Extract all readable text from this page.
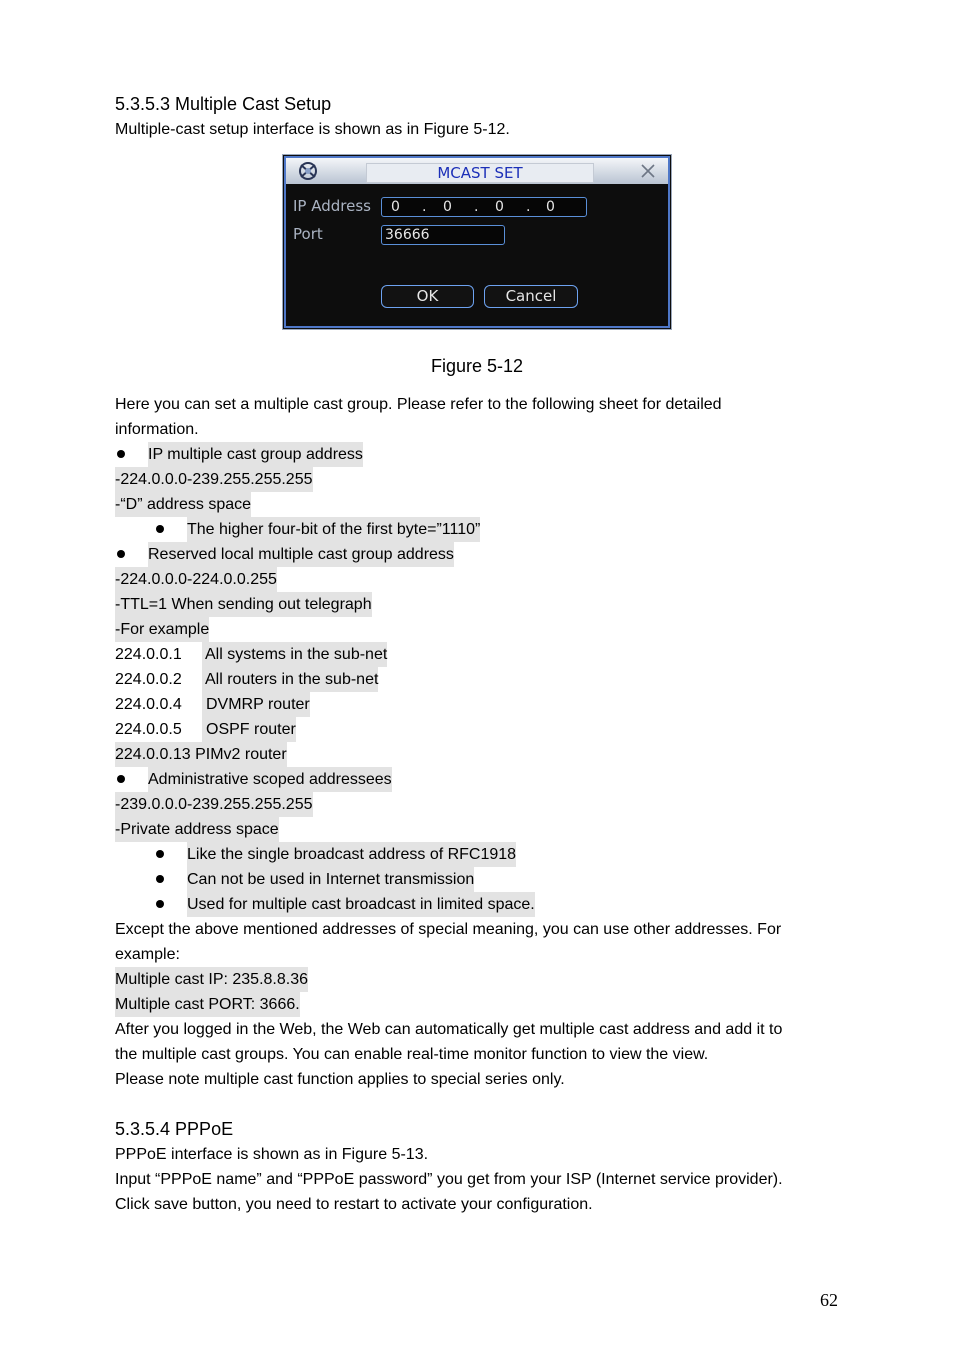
5.3.5.3 Multiple Cast Setup
Multiple-cast setup interface is shown as in Figure 5-12.
MCAST SET
IP Address 0 . 0 . 0 . 0
Port	36666
OK	Cancel
Figure 5-12
Here you can set a multiple cast group. Please refer to the following sheet for detailed
information.
IP multiple cast group address
-224.0.0.0-239.255.255.255
-“D” address space
The higher four-bit of the first byte=”1110”
Reserved local multiple cast group address
-224.0.0.0-224.0.0.255
-TTL=1 When sending out telegraph
-For example
224.0.0.1 All systems in the sub-net
224.0.0.2 All routers in the sub-net
224.0.0.4 DVMRP router
224.0.0.5 OSPF router
224.0.0.13 PIMv2 router
Administrative scoped addressees
-239.0.0.0-239.255.255.255
-Private address space
Like the single broadcast address of RFC1918
Can not be used in Internet transmission
Used for multiple cast broadcast in limited space.
Except the above mentioned addresses of special meaning, you can use other addresses. For
example:
Multiple cast IP: 235.8.8.36
Multiple cast PORT: 3666.
After you logged in the Web, the Web can automatically get multiple cast address and add it to
the multiple cast groups. You can enable real-time monitor function to view the view.
Please note multiple cast function applies to special series only.
5.3.5.4 PPPoE
PPPoE interface is shown as in Figure 5-13.
Input “PPPoE name” and “PPPoE password” you get from your ISP (Internet service provider).
Click save button, you need to restart to activate your configuration.
62
